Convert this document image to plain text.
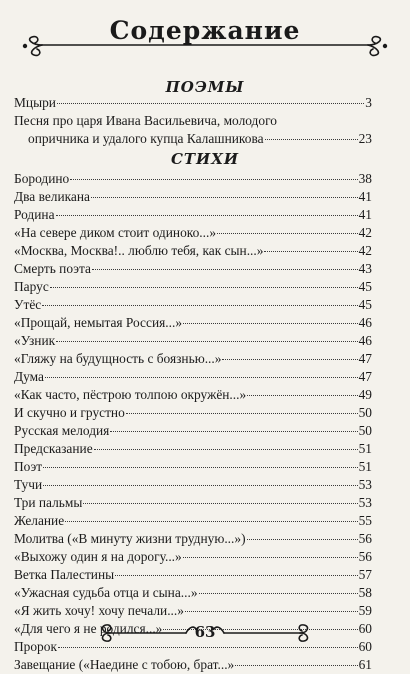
Содержание
ПОЭМЫ
Мцыри	3
Песня про царя Ивана Васильевича, молодого
опричника и удалого купца Калашникова	23
СТИХИ
Бородино	38
Два великана	41
Родина	41
«На севере диком стоит одиноко...»	42
«Москва, Москва!.. люблю тебя, как сын...»	42
Смерть поэта	43
Парус	45
Утёс	45
«Прощай, немытая Россия...»	46
«Узник	46
«Гляжу на будущность с боязнью...»	47
Дума	47
«Как часто, пёстрою толпою окружён...»	49
И скучно и грустно	50
Русская мелодия	50
Предсказание	51
Поэт	51
Тучи	53
Три пальмы	53
Желание	55
Молитва («В минуту жизни трудную...»)	56
«Выхожу один я на дорогу...»	56
Ветка Палестины	57
«Ужасная судьба отца и сына...»	58
«Я жить хочу! хочу печали...»	59
«Для чего я не родился...»	60
Пророк	60
Завещание («Наедине с тобою, брат...»	61
63
